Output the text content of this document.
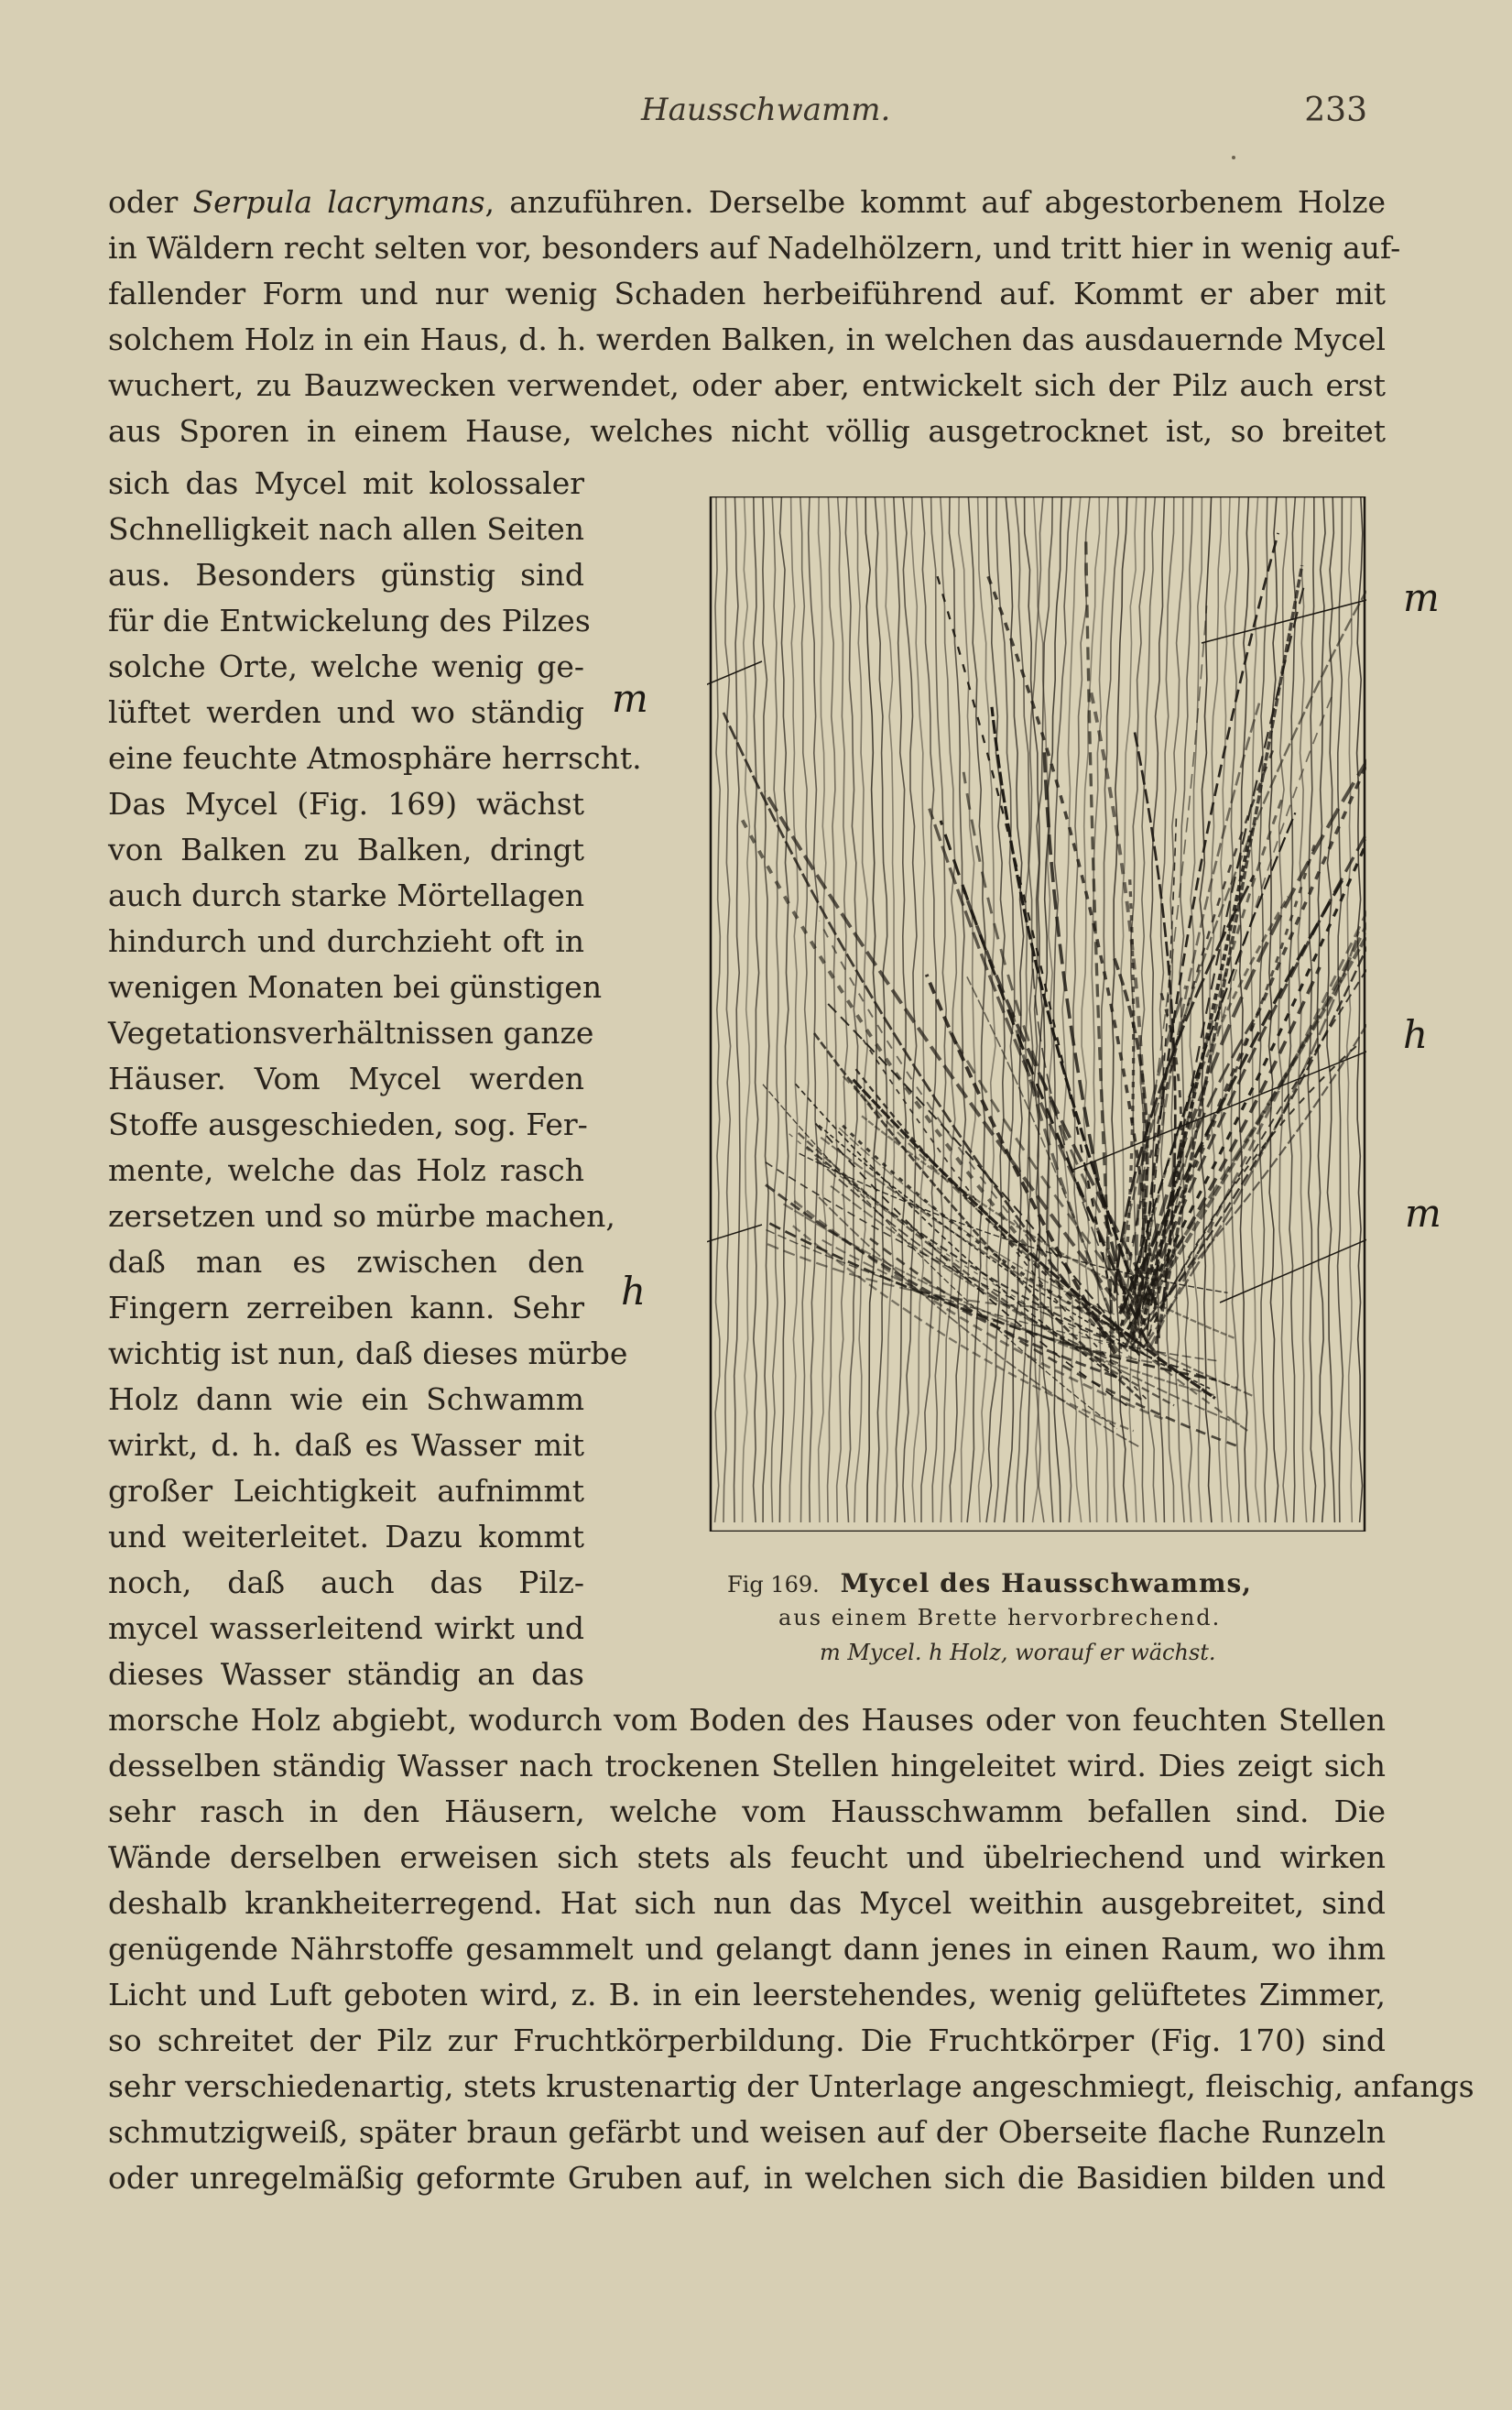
Hausschwamm.	233
oder Serpula lacrymans, anzuführen. Derselbe kommt auf abgestorbenem Holze
in Wäldern recht selten vor, besonders auf Nadelhölzern, und tritt hier in wenig auf-
fallender Form und nur wenig Schaden herbeiführend auf. Kommt er aber mit
solchem Holz in ein Haus, d. h. werden Balken, in welchen das ausdauernde Mycel
wuchert, zu Bauzwecken verwendet, oder aber, entwickelt sich der Pilz auch erst
aus Sporen in einem Hause, welches nicht völlig ausgetrocknet ist, so breitet
sich das Mycel mit kolossaler
Schnelligkeit nach allen Seiten
aus. Besonders günstig sind
für die Entwickelung des Pilzes
solche Orte, welche wenig ge-
lüftet werden und wo ständig
eine feuchte Atmosphäre herrscht.
Das Mycel (Fig. 169) wächst
von Balken zu Balken, dringt
auch durch starke Mörtellagen
hindurch und durchzieht oft in
wenigen Monaten bei günstigen
Vegetationsverhältnissen ganze
Häuser. Vom Mycel werden
Stoffe ausgeschieden, sog. Fer-
mente, welche das Holz rasch
zersetzen und so mürbe machen,
daß man es zwischen den
Fingern zerreiben kann. Sehr
wichtig ist nun, daß dieses mürbe
Holz dann wie ein Schwamm
wirkt, d. h. daß es Wasser mit
großer Leichtigkeit aufnimmt
und weiterleitet. Dazu kommt
noch, daß auch das Pilz-
mycel wasserleitend wirkt und
dieses Wasser ständig an das
m
m
h
m
h
Fig 169. Mycel des Hausschwamms,
aus einem Brette hervorbrechend.
m Mycel. h Holz, worauf er wächst.
morsche Holz abgiebt, wodurch vom Boden des Hauses oder von feuchten Stellen
desselben ständig Wasser nach trockenen Stellen hingeleitet wird. Dies zeigt sich
sehr rasch in den Häusern, welche vom Hausschwamm befallen sind. Die
Wände derselben erweisen sich stets als feucht und übelriechend und wirken
deshalb krankheiterregend. Hat sich nun das Mycel weithin ausgebreitet, sind
genügende Nährstoffe gesammelt und gelangt dann jenes in einen Raum, wo ihm
Licht und Luft geboten wird, z. B. in ein leerstehendes, wenig gelüftetes Zimmer,
so schreitet der Pilz zur Fruchtkörperbildung. Die Fruchtkörper (Fig. 170) sind
sehr verschiedenartig, stets krustenartig der Unterlage angeschmiegt, fleischig, anfangs
schmutzigweiß, später braun gefärbt und weisen auf der Oberseite flache Runzeln
oder unregelmäßig geformte Gruben auf, in welchen sich die Basidien bilden und
